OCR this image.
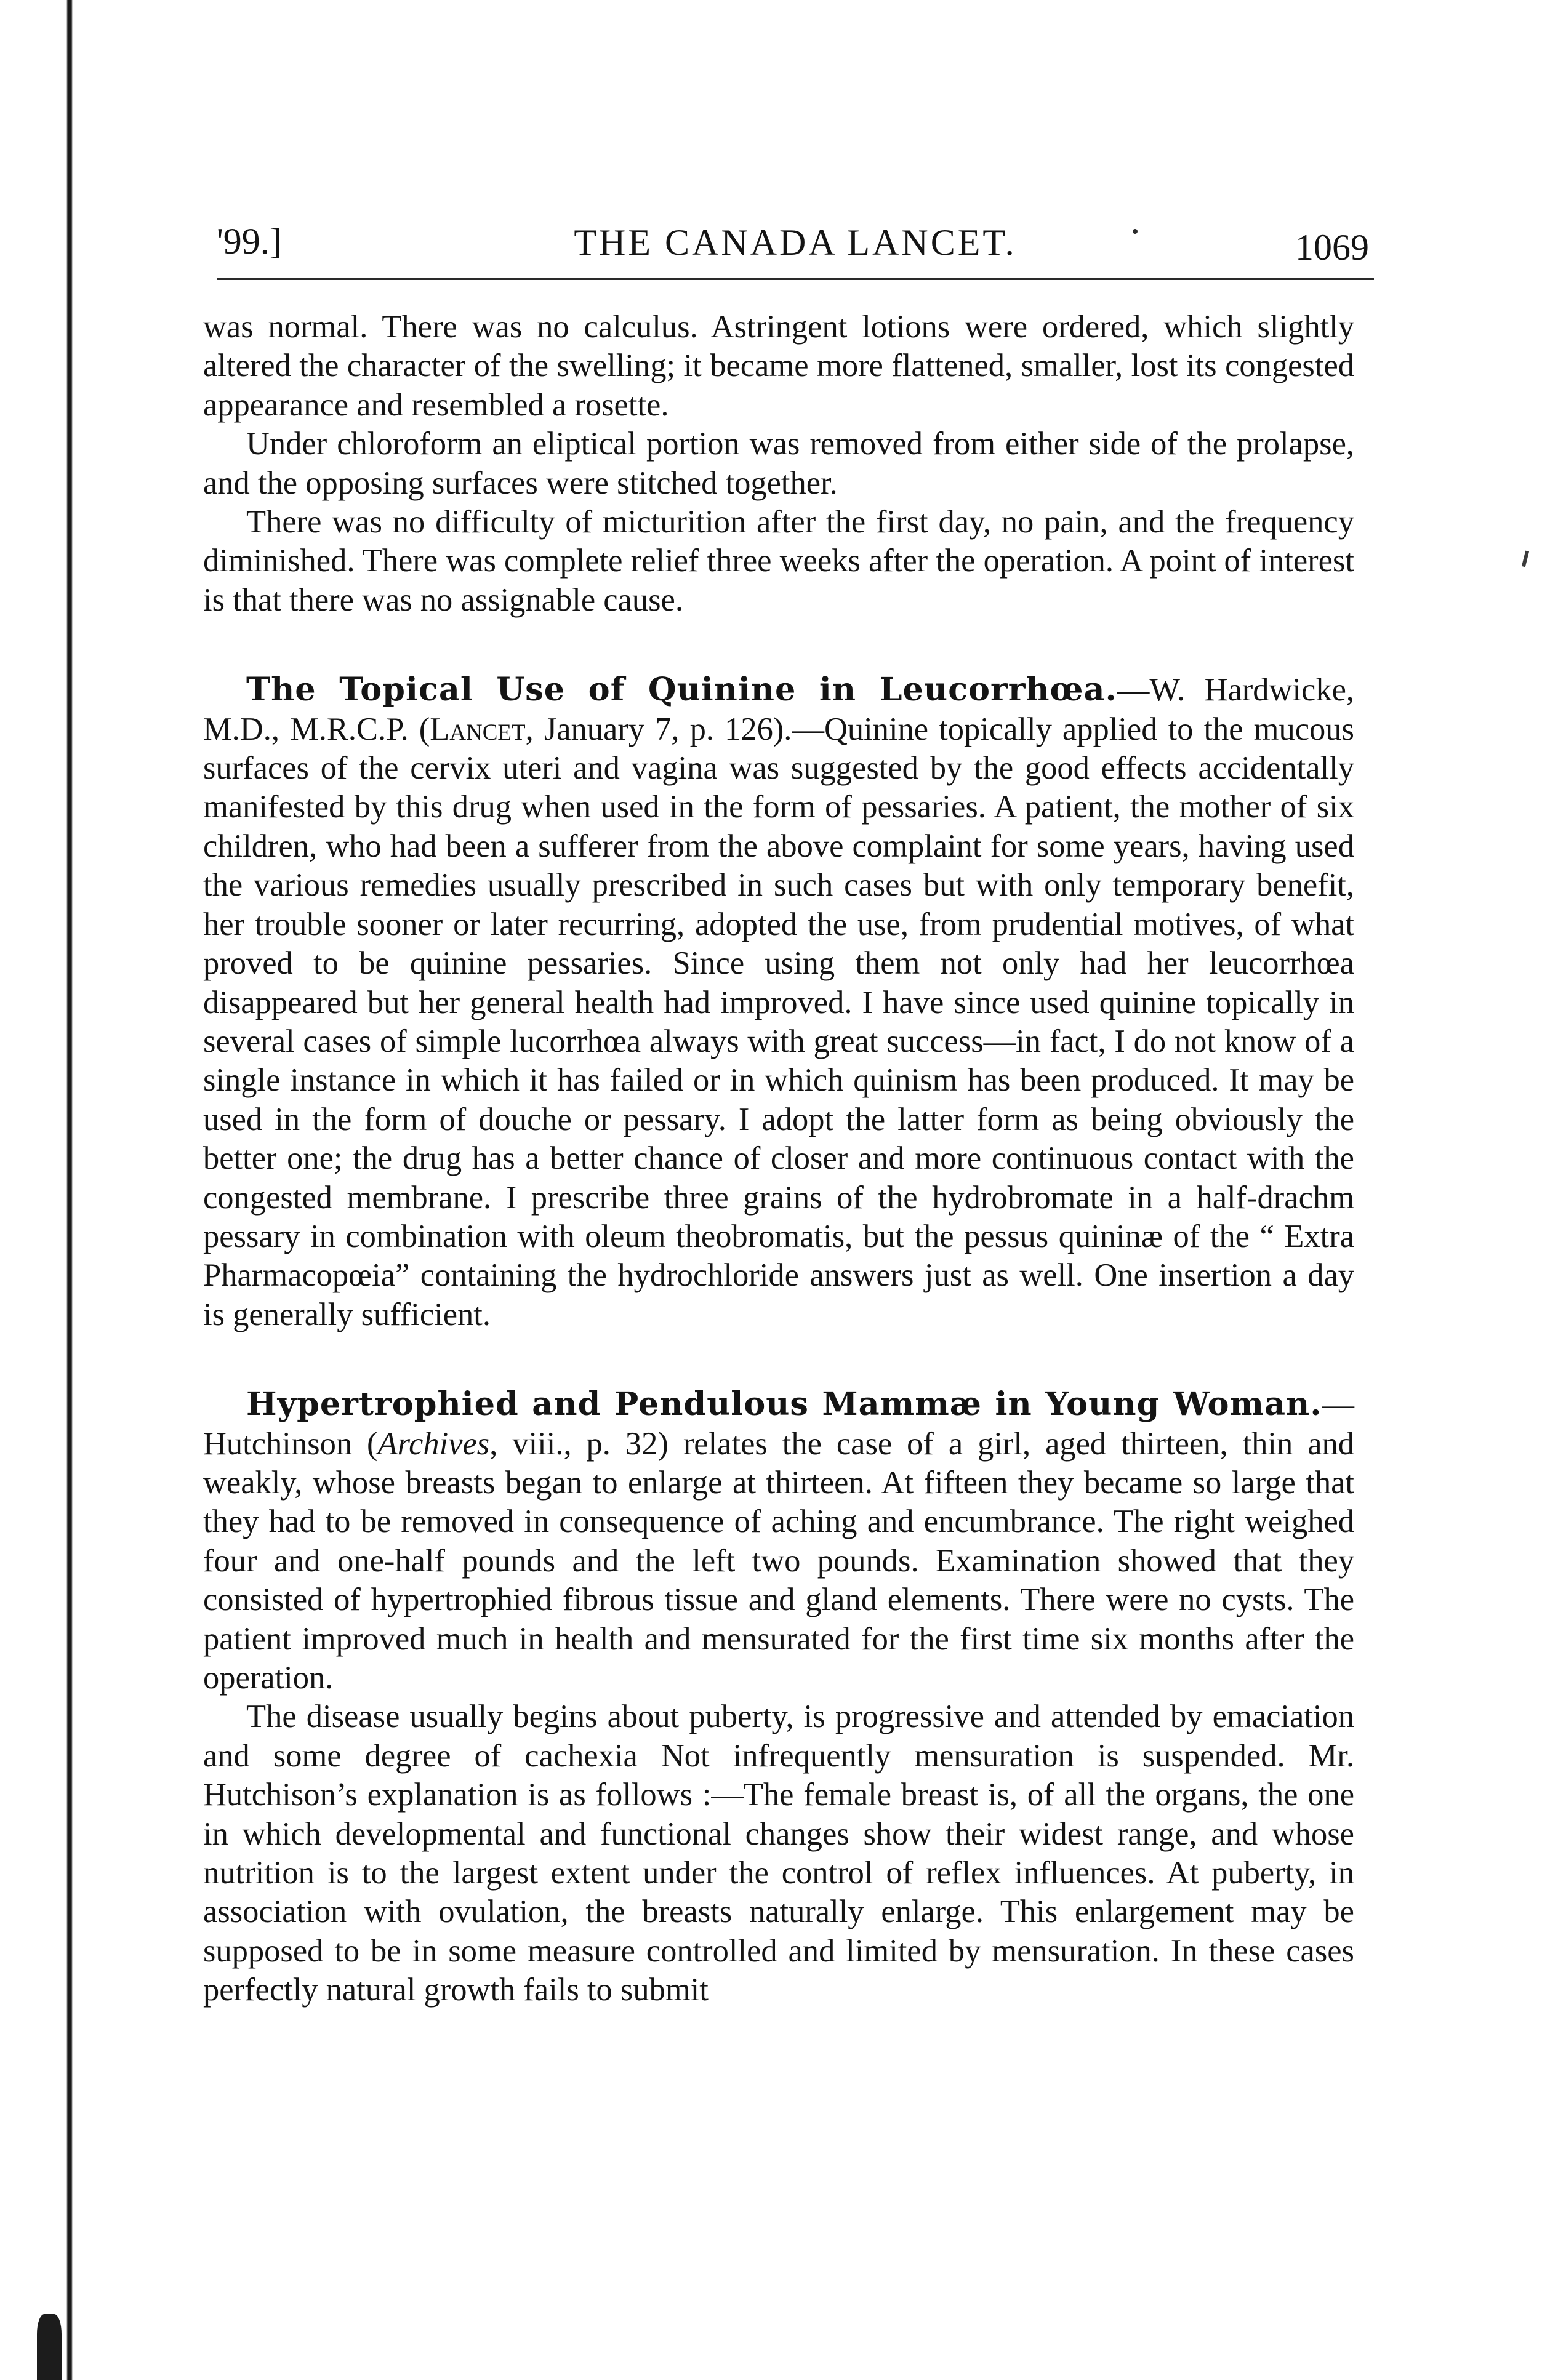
'99.]	THE CANADA LANCET.	1069

was normal. There was no calculus. Astringent lotions were ordered, which slightly altered the character of the swelling; it became more flattened, smaller, lost its congested appearance and resembled a rosette.

Under chloroform an eliptical portion was removed from either side of the prolapse, and the opposing surfaces were stitched together.

There was no difficulty of micturition after the first day, no pain, and the frequency diminished. There was complete relief three weeks after the operation. A point of interest is that there was no assignable cause.

The Topical Use of Quinine in Leucorrhœa.—W. Hardwicke, M.D., M.R.C.P. (Lancet, January 7, p. 126).—Quinine topically applied to the mucous surfaces of the cervix uteri and vagina was suggested by the good effects accidentally manifested by this drug when used in the form of pessaries. A patient, the mother of six children, who had been a sufferer from the above complaint for some years, having used the various remedies usually prescribed in such cases but with only temporary benefit, her trouble sooner or later recurring, adopted the use, from prudential motives, of what proved to be quinine pessaries. Since using them not only had her leucorrhœa disappeared but her general health had improved. I have since used quinine topically in several cases of simple lucorrhœa always with great success—in fact, I do not know of a single instance in which it has failed or in which quinism has been produced. It may be used in the form of douche or pessary. I adopt the latter form as being obviously the better one; the drug has a better chance of closer and more continuous contact with the congested membrane. I prescribe three grains of the hydrobromate in a half-drachm pessary in combination with oleum theobromatis, but the pessus quininæ of the “ Extra Pharmacopœia” containing the hydrochloride answers just as well. One insertion a day is generally sufficient.

Hypertrophied and Pendulous Mammæ in Young Woman.—Hutchinson (Archives, viii., p. 32) relates the case of a girl, aged thirteen, thin and weakly, whose breasts began to enlarge at thirteen. At fifteen they became so large that they had to be removed in consequence of aching and encumbrance. The right weighed four and one-half pounds and the left two pounds. Examination showed that they consisted of hypertrophied fibrous tissue and gland elements. There were no cysts. The patient improved much in health and mensurated for the first time six months after the operation.

The disease usually begins about puberty, is progressive and attended by emaciation and some degree of cachexia Not infrequently mensuration is suspended. Mr. Hutchison’s explanation is as follows :—The female breast is, of all the organs, the one in which developmental and functional changes show their widest range, and whose nutrition is to the largest extent under the control of reflex influences. At puberty, in association with ovulation, the breasts naturally enlarge. This enlargement may be supposed to be in some measure controlled and limited by mensuration. In these cases perfectly natural growth fails to submit
